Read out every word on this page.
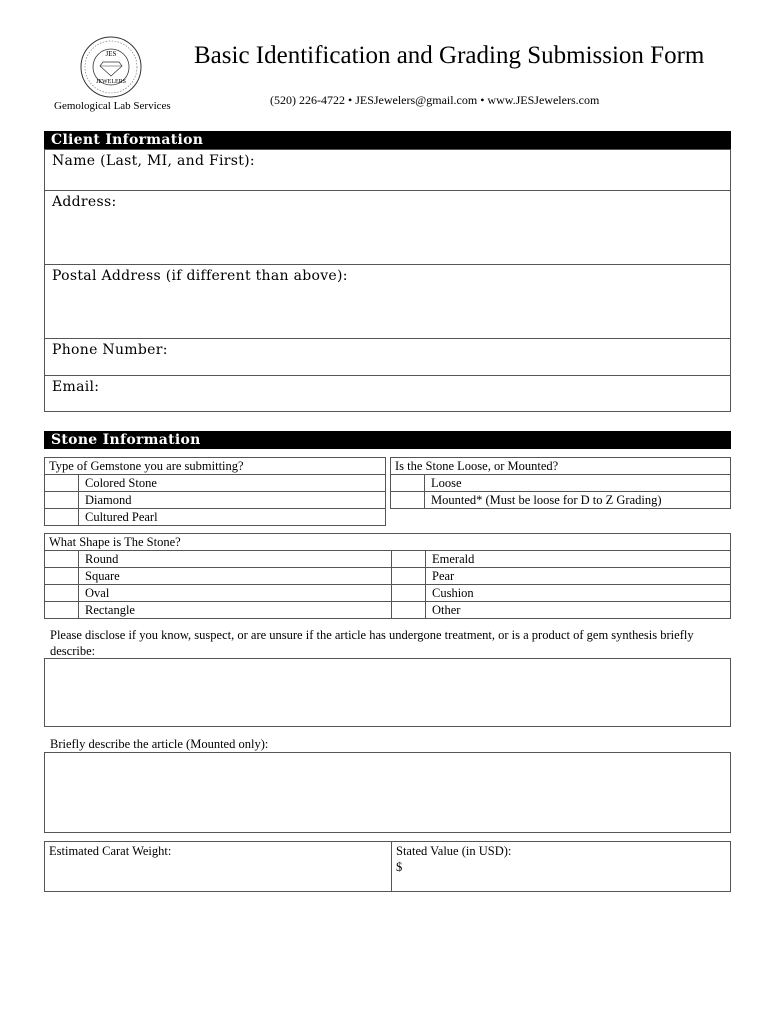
JES
JEWELERS
Gemological Lab Services
Basic Identification and Grading Submission Form
(520) 226-4722 • JESJewelers@gmail.com • www.JESJewelers.com
Client Information
Name (Last, MI, and First):
Address:
Postal Address (if different than above):
Phone Number:
Email:
Stone Information
Type of Gemstone you are submitting?	
	Colored Stone
	Diamond
	Cultured Pearl
Is the Stone Loose, or Mounted?	
	Loose
	Mounted* (Must be loose for D to Z Grading)
What Shape is The Stone?			
	Round		Emerald
	Square		Pear
	Oval		Cushion
	Rectangle		Other
Please disclose if you know, suspect, or are unsure if the article has undergone treatment, or is a product of gem synthesis briefly describe:
Briefly describe the article (Mounted only):
Estimated Carat Weight:	Stated Value (in USD):
$
